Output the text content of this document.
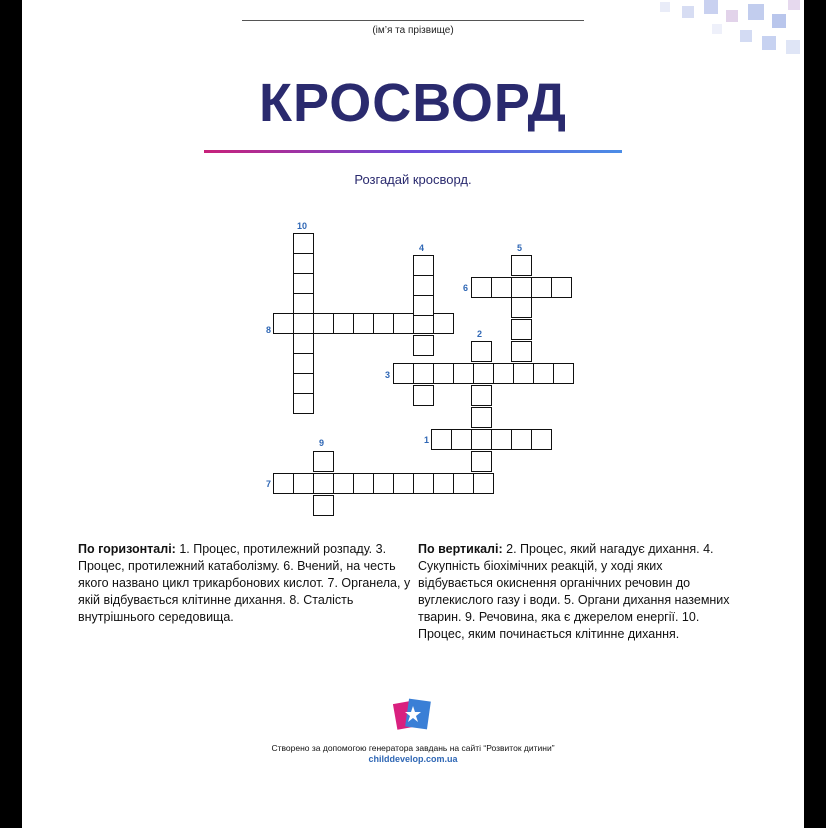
(ім’я та прізвище)
КРОСВОРД
Розгадай кросворд.
10
4	5
6
8	2
3
9	1
7
По горизонталі: 1. Процес, протилежний розпаду. 3. Процес, протилежний катаболізму. 6. Вчений, на честь якого названо цикл трикарбонових кислот. 7. Органела, у якій відбувається клітинне дихання. 8. Сталість внутрішнього середовища.
По вертикалі: 2. Процес, який нагадує дихання. 4. Сукупність біохімічних реакцій, у ході яких відбувається окиснення органічних речовин до вуглекислого газу і води. 5. Органи дихання наземних тварин. 9. Речовина, яка є джерелом енергії. 10. Процес, яким починається клітинне дихання.
Створено за допомогою генератора завдань на сайті “Розвиток дитини”
childdevelop.com.ua
